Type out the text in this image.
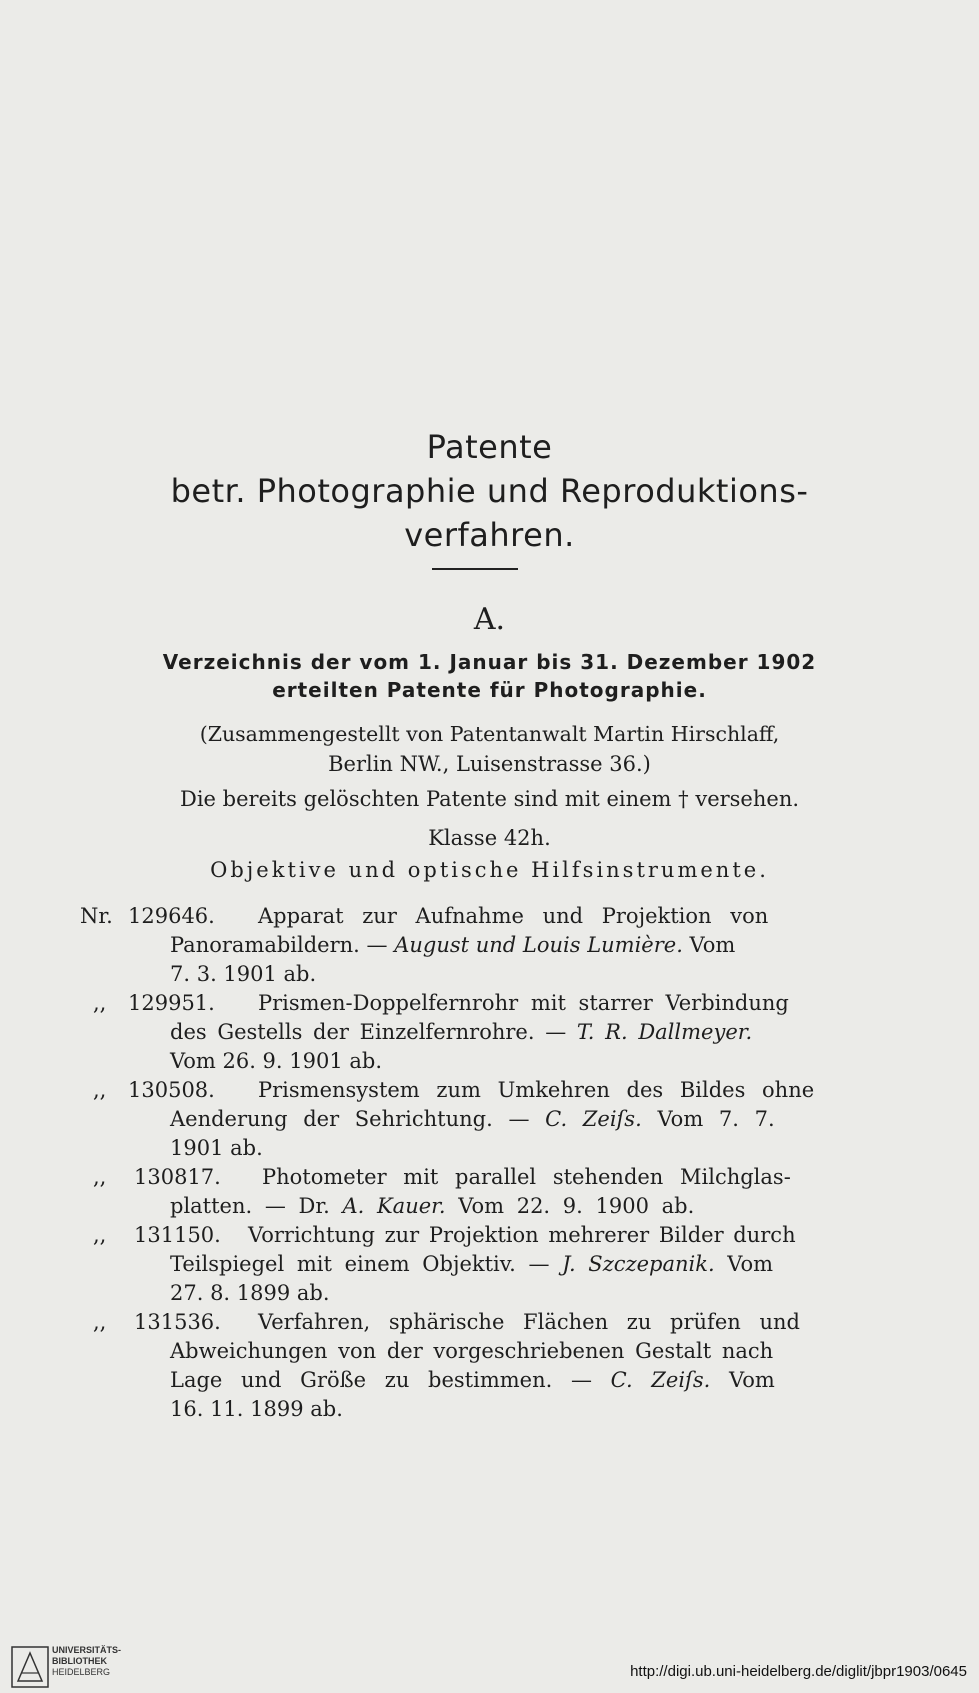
Patente
betr. Photographie und Reproduktions-
verfahren.
A.
Verzeichnis der vom 1. Januar bis 31. Dezember 1902
erteilten Patente für Photographie.
(Zusammengestellt von Patentanwalt Martin Hirschlaff,
Berlin NW., Luisenstrasse 36.)
Die bereits gelöschten Patente sind mit einem † versehen.
Klasse 42h.
Objektive und optische Hilfsinstrumente.
Nr. 129646. Apparat zur Aufnahme und Projektion von
Panoramabildern. — August und Louis Lumière. Vom
7. 3. 1901 ab.
,, 129951. Prismen-Doppelfernrohr mit starrer Verbindung
des Gestells der Einzelfernrohre. — T. R. Dallmeyer.
Vom 26. 9. 1901 ab.
,, 130508. Prismensystem zum Umkehren des Bildes ohne
Aenderung der Sehrichtung. — C. Zeiſs. Vom 7. 7.
1901 ab.
,, 130817. Photometer mit parallel stehenden Milchglas-
platten. — Dr. A. Kauer. Vom 22. 9. 1900 ab.
,, 131150. Vorrichtung zur Projektion mehrerer Bilder durch
Teilspiegel mit einem Objektiv. — J. Szczepanik. Vom
27. 8. 1899 ab.
,, 131536. Verfahren, sphärische Flächen zu prüfen und
Abweichungen von der vorgeschriebenen Gestalt nach
Lage und Größe zu bestimmen. — C. Zeiſs. Vom
16. 11. 1899 ab.
UNIVERSITÄTS-
BIBLIOTHEK
HEIDELBERG	http://digi.ub.uni-heidelberg.de/diglit/jbpr1903/0645
